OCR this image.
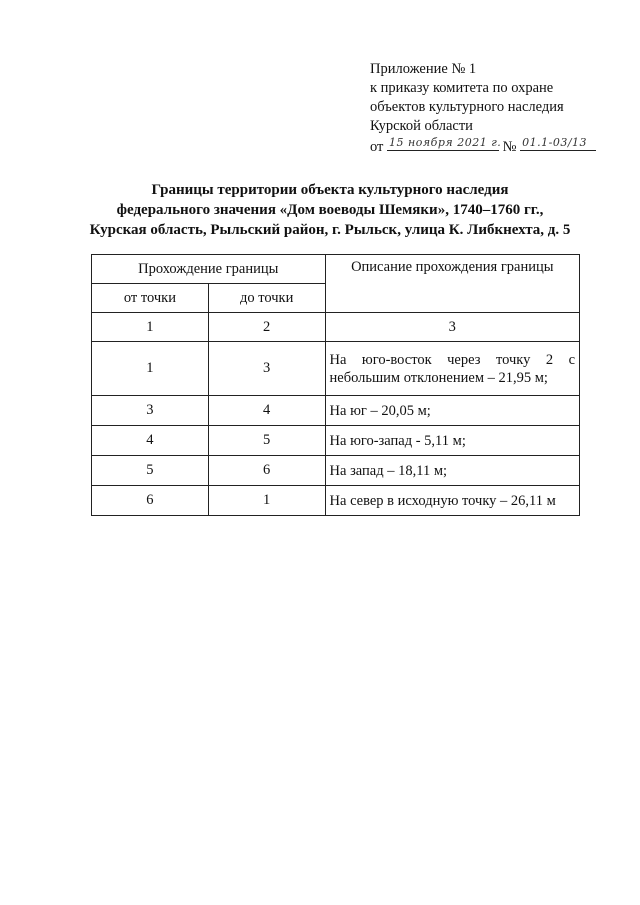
Приложение № 1
к приказу комитета по охране
объектов культурного наследия
Курской области
от 15 ноября 2021 г. № 01.1-03/13
Границы территории объекта культурного наследия
федерального значения «Дом воеводы Шемяки», 1740–1760 гг.,
Курская область, Рыльский район, г. Рыльск, улица К. Либкнехта, д. 5
Прохождение границы		Описание прохождения границы
от точки	до точки	
1	2	3
1	3	На юго-восток через точку 2 с небольшим отклонением – 21,95 м;
3	4	На юг – 20,05 м;
4	5	На юго-запад - 5,11 м;
5	6	На запад – 18,11 м;
6	1	На север в исходную точку – 26,11 м
